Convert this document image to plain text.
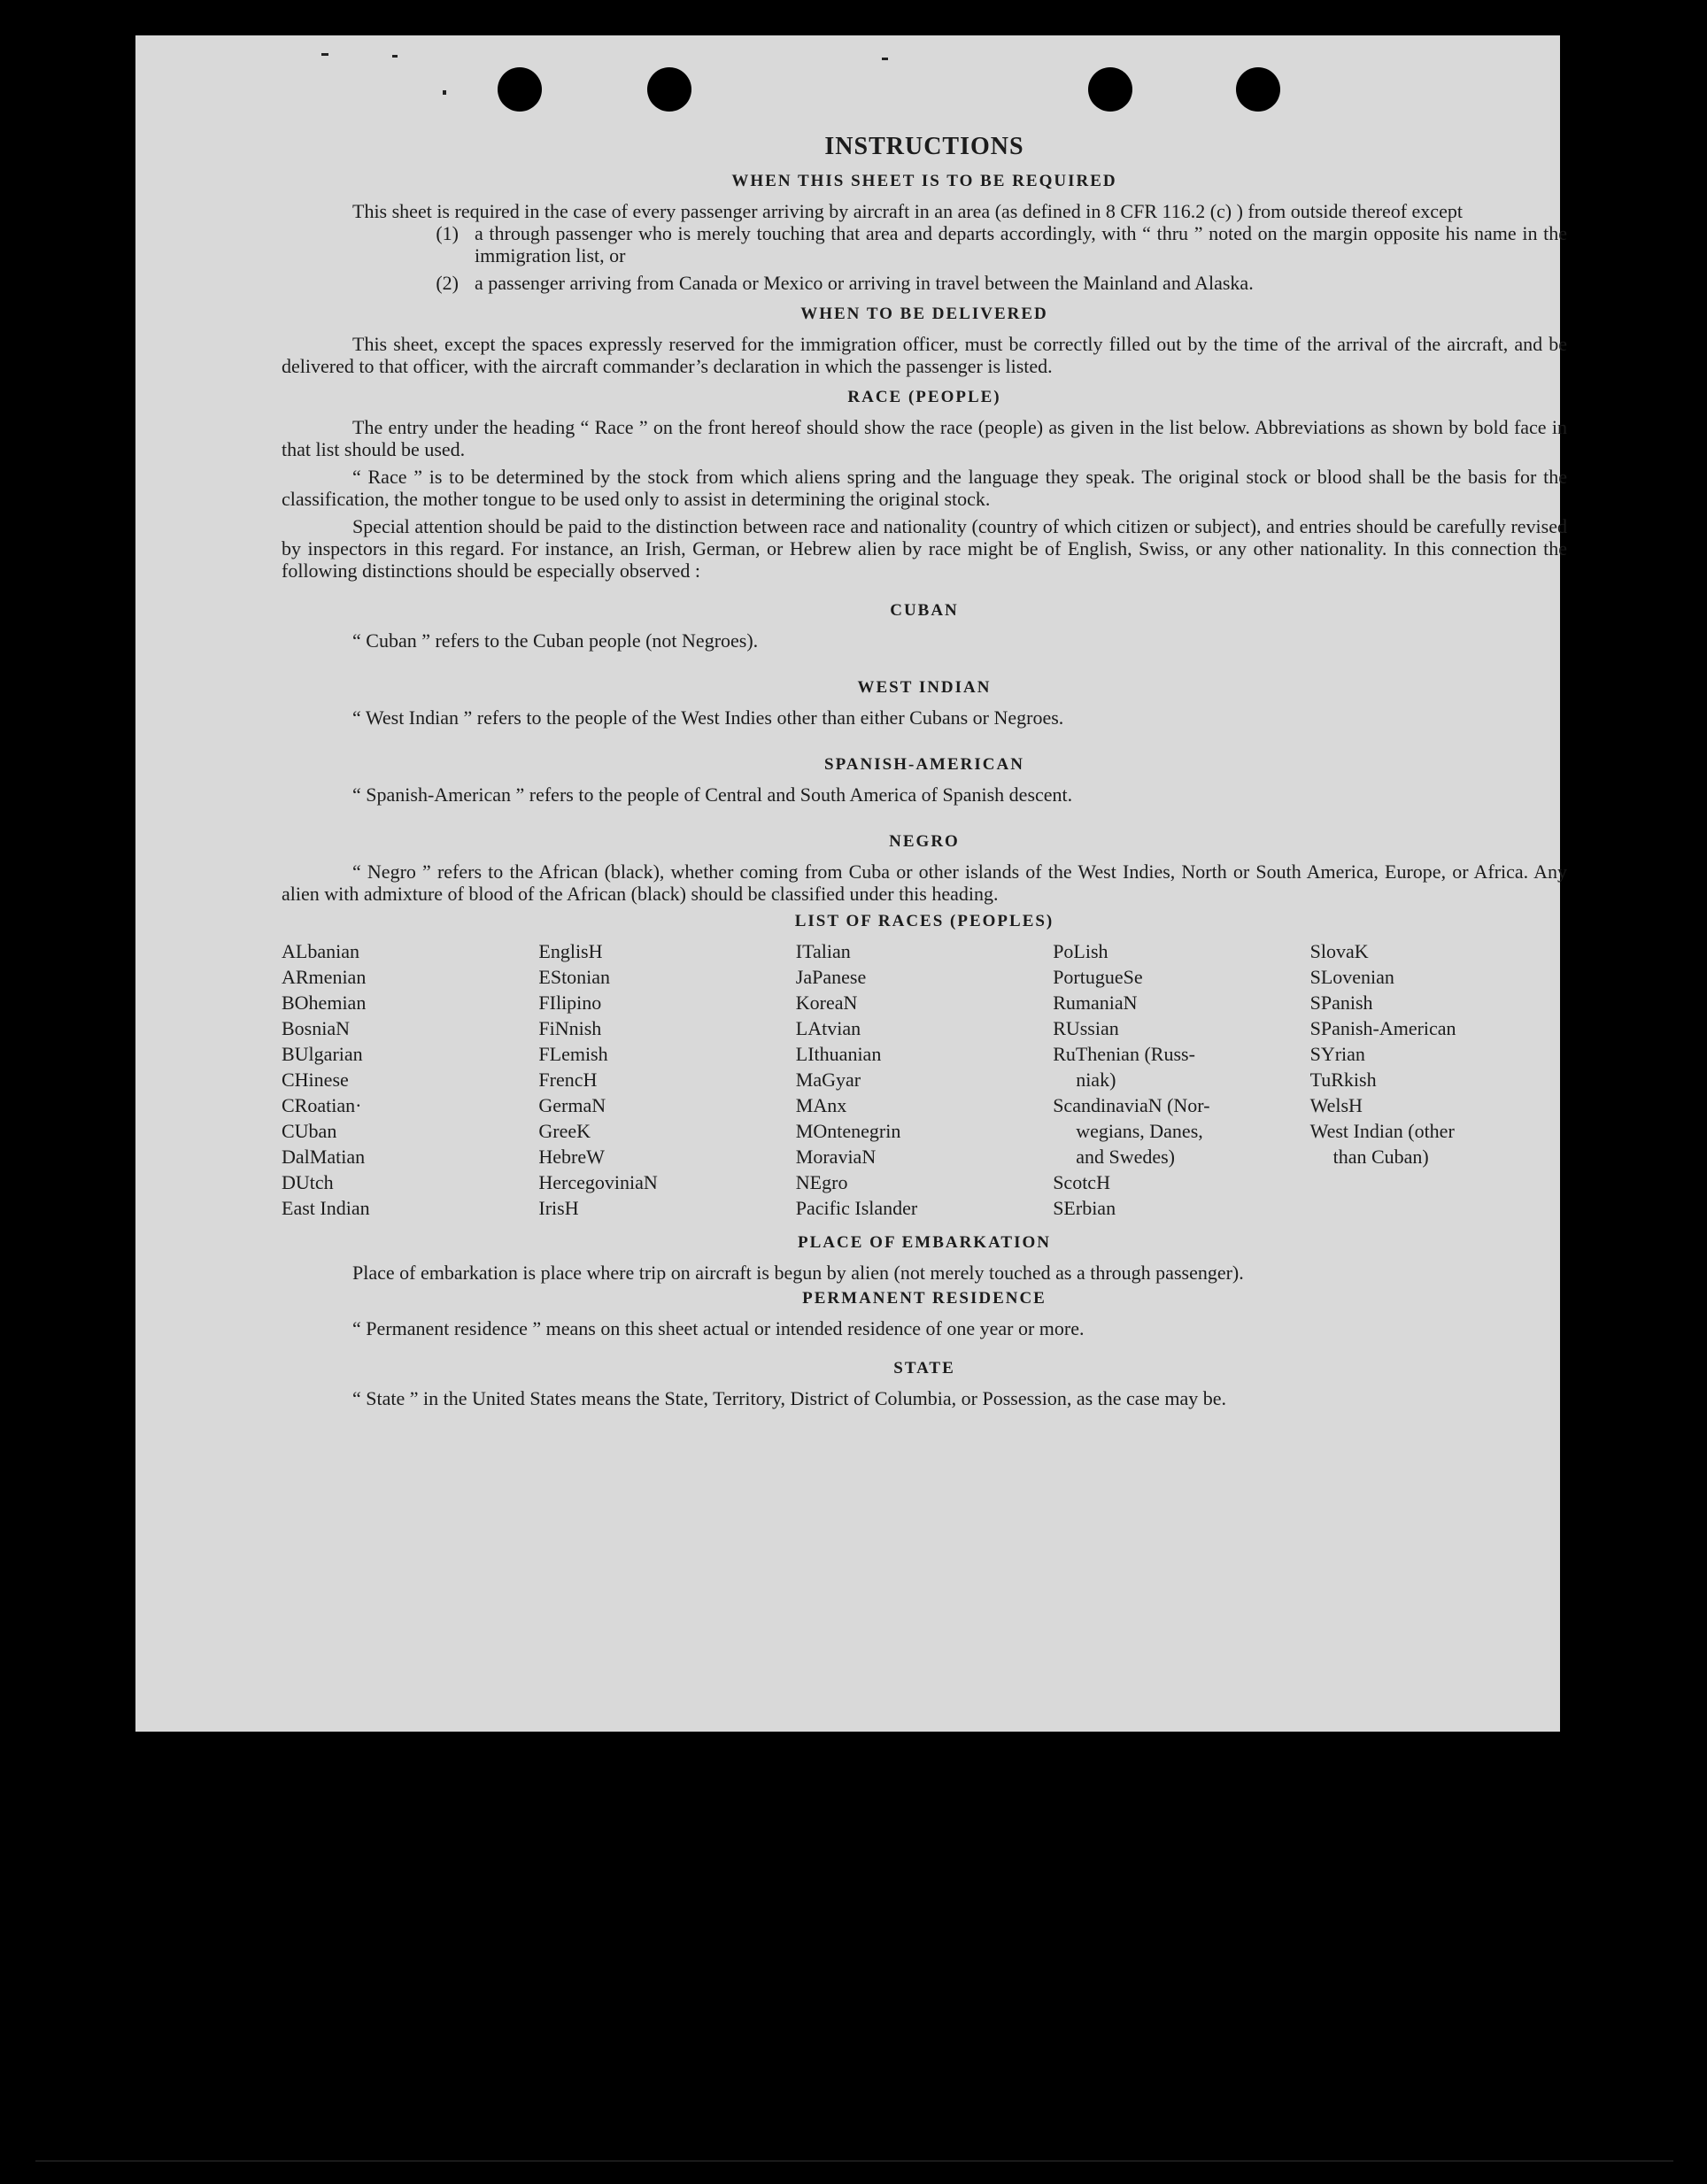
INSTRUCTIONS
WHEN THIS SHEET IS TO BE REQUIRED

This sheet is required in the case of every passenger arriving by aircraft in an area (as defined in 8 CFR 116.2 (c) ) from outside thereof except

(1) a through passenger who is merely touching that area and departs accordingly, with “ thru ” noted on the margin opposite his name in the immigration list, or
(2) a passenger arriving from Canada or Mexico or arriving in travel between the Mainland and Alaska.
WHEN TO BE DELIVERED

This sheet, except the spaces expressly reserved for the immigration officer, must be correctly filled out by the time of the arrival of the aircraft, and be delivered to that officer, with the aircraft commander’s declaration in which the passenger is listed.

RACE (PEOPLE)

The entry under the heading “ Race ” on the front hereof should show the race (people) as given in the list below. Abbreviations as shown by bold face in that list should be used.

“ Race ” is to be determined by the stock from which aliens spring and the language they speak. The original stock or blood shall be the basis for the classification, the mother tongue to be used only to assist in determining the original stock.

Special attention should be paid to the distinction between race and nationality (country of which citizen or subject), and entries should be carefully revised by inspectors in this regard. For instance, an Irish, German, or Hebrew alien by race might be of English, Swiss, or any other nationality. In this connection the following distinctions should be especially observed :

CUBAN

“ Cuban ” refers to the Cuban people (not Negroes).

WEST INDIAN

“ West Indian ” refers to the people of the West Indies other than either Cubans or Negroes.

SPANISH-AMERICAN

“ Spanish-American ” refers to the people of Central and South America of Spanish descent.

NEGRO

“ Negro ” refers to the African (black), whether coming from Cuba or other islands of the West Indies, North or South America, Europe, or Africa. Any alien with admixture of blood of the African (black) should be classified under this heading.

LIST OF RACES (PEOPLES)
ALbanian
ARmenian
BOhemian
BosniaN
BUlgarian
CHinese
CRoatian·
CUban
DalMatian
DUtch
East Indian
EnglisH
EStonian
FIlipino
FiNnish
FLemish
FrencH
GermaN
GreeK
HebreW
HercegoviniaN
IrisH
ITalian
JaPanese
KoreaN
LAtvian
LIthuanian
MaGyar
MAnx
MOntenegrin
MoraviaN
NEgro
Pacific Islander
PoLish
PortugueSe
RumaniaN
RUssian
RuThenian (Russ-
niak)
ScandinaviaN (Nor-
wegians, Danes,
and Swedes)
ScotcH
SErbian
SlovaK
SLovenian
SPanish
SPanish-American
SYrian
TuRkish
WelsH
West Indian (other
than Cuban)
PLACE OF EMBARKATION

Place of embarkation is place where trip on aircraft is begun by alien (not merely touched as a through passenger).

PERMANENT RESIDENCE

“ Permanent residence ” means on this sheet actual or intended residence of one year or more.

STATE

“ State ” in the United States means the State, Territory, District of Columbia, or Possession, as the case may be.
